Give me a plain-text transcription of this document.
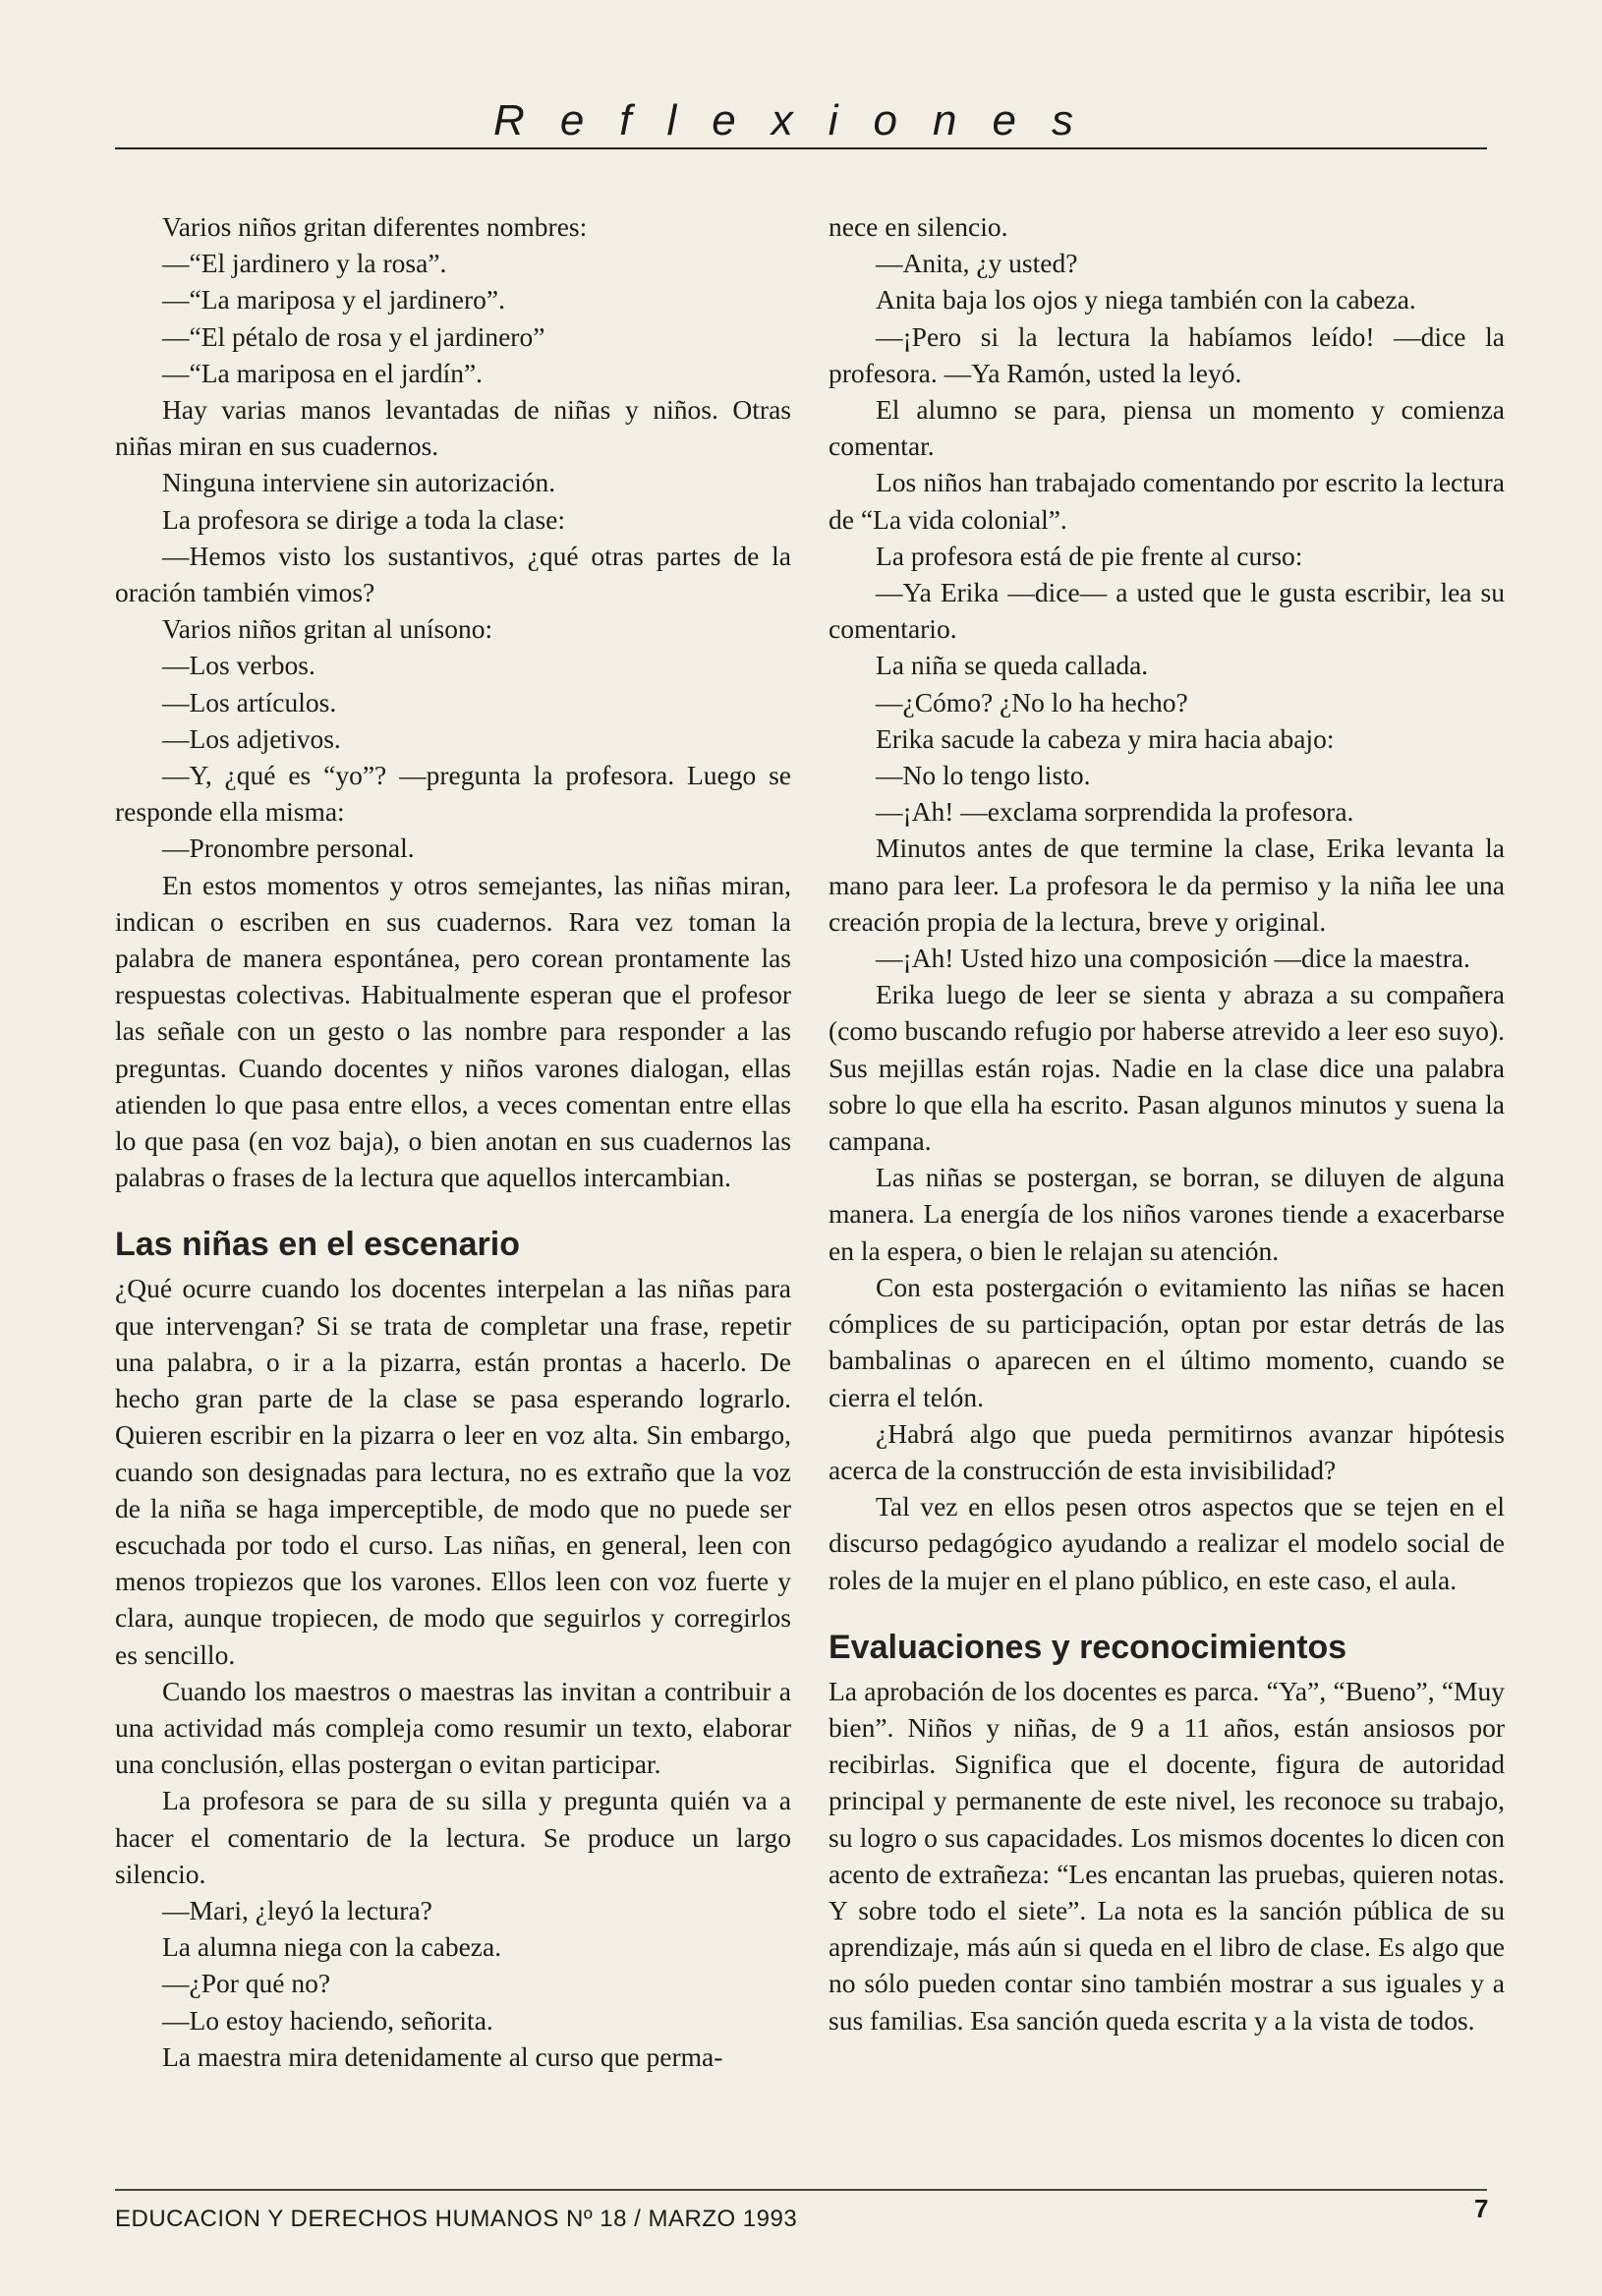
Reflexiones

Varios niños gritan diferentes nombres:

—“El jardinero y la rosa”.

—“La mariposa y el jardinero”.

—“El pétalo de rosa y el jardinero”

—“La mariposa en el jardín”.

Hay varias manos levantadas de niñas y niños. Otras niñas miran en sus cuadernos.

Ninguna interviene sin autorización.

La profesora se dirige a toda la clase:

—Hemos visto los sustantivos, ¿qué otras partes de la oración también vimos?

Varios niños gritan al unísono:

—Los verbos.

—Los artículos.

—Los adjetivos.

—Y, ¿qué es “yo”? —pregunta la profesora. Luego se responde ella misma:

—Pronombre personal.

En estos momentos y otros semejantes, las niñas miran, indican o escriben en sus cuadernos. Rara vez toman la palabra de manera espontánea, pero corean prontamente las respuestas colectivas. Habitualmente esperan que el profesor las señale con un gesto o las nombre para responder a las preguntas. Cuando docentes y niños varones dialogan, ellas atienden lo que pasa entre ellos, a veces comentan entre ellas lo que pasa (en voz baja), o bien anotan en sus cuadernos las palabras o frases de la lectura que aquellos intercambian.

Las niñas en el escenario

¿Qué ocurre cuando los docentes interpelan a las niñas para que intervengan? Si se trata de completar una frase, repetir una palabra, o ir a la pizarra, están prontas a hacerlo. De hecho gran parte de la clase se pasa esperando lograrlo. Quieren escribir en la pizarra o leer en voz alta. Sin embargo, cuando son designadas para lectura, no es extraño que la voz de la niña se haga imperceptible, de modo que no puede ser escuchada por todo el curso. Las niñas, en general, leen con menos tropiezos que los varones. Ellos leen con voz fuerte y clara, aunque tropiecen, de modo que seguirlos y corregirlos es sencillo.

Cuando los maestros o maestras las invitan a contribuir a una actividad más compleja como resumir un texto, elaborar una conclusión, ellas postergan o evitan participar.

La profesora se para de su silla y pregunta quién va a hacer el comentario de la lectura. Se produce un largo silencio.

—Mari, ¿leyó la lectura?

La alumna niega con la cabeza.

—¿Por qué no?

—Lo estoy haciendo, señorita.

La maestra mira detenidamente al curso que perma-

nece en silencio.

—Anita, ¿y usted?

Anita baja los ojos y niega también con la cabeza.

—¡Pero si la lectura la habíamos leído! —dice la profesora. —Ya Ramón, usted la leyó.

El alumno se para, piensa un momento y comienza comentar.

Los niños han trabajado comentando por escrito la lectura de “La vida colonial”.

La profesora está de pie frente al curso:

—Ya Erika —dice— a usted que le gusta escribir, lea su comentario.

La niña se queda callada.

—¿Cómo? ¿No lo ha hecho?

Erika sacude la cabeza y mira hacia abajo:

—No lo tengo listo.

—¡Ah! —exclama sorprendida la profesora.

Minutos antes de que termine la clase, Erika levanta la mano para leer. La profesora le da permiso y la niña lee una creación propia de la lectura, breve y original.

—¡Ah! Usted hizo una composición —dice la maestra.

Erika luego de leer se sienta y abraza a su compañera (como buscando refugio por haberse atrevido a leer eso suyo). Sus mejillas están rojas. Nadie en la clase dice una palabra sobre lo que ella ha escrito. Pasan algunos minutos y suena la campana.

Las niñas se postergan, se borran, se diluyen de alguna manera. La energía de los niños varones tiende a exacerbarse en la espera, o bien le relajan su atención.

Con esta postergación o evitamiento las niñas se hacen cómplices de su participación, optan por estar detrás de las bambalinas o aparecen en el último momento, cuando se cierra el telón.

¿Habrá algo que pueda permitirnos avanzar hipótesis acerca de la construcción de esta invisibilidad?

Tal vez en ellos pesen otros aspectos que se tejen en el discurso pedagógico ayudando a realizar el modelo social de roles de la mujer en el plano público, en este caso, el aula.

Evaluaciones y reconocimientos

La aprobación de los docentes es parca. “Ya”, “Bueno”, “Muy bien”. Niños y niñas, de 9 a 11 años, están ansiosos por recibirlas. Significa que el docente, figura de autoridad principal y permanente de este nivel, les reconoce su trabajo, su logro o sus capacidades. Los mismos docentes lo dicen con acento de extrañeza: “Les encantan las pruebas, quieren notas. Y sobre todo el siete”. La nota es la sanción pública de su aprendizaje, más aún si queda en el libro de clase. Es algo que no sólo pueden contar sino también mostrar a sus iguales y a sus familias. Esa sanción queda escrita y a la vista de todos.

EDUCACION Y DERECHOS HUMANOS Nº 18 / MARZO 1993	7
